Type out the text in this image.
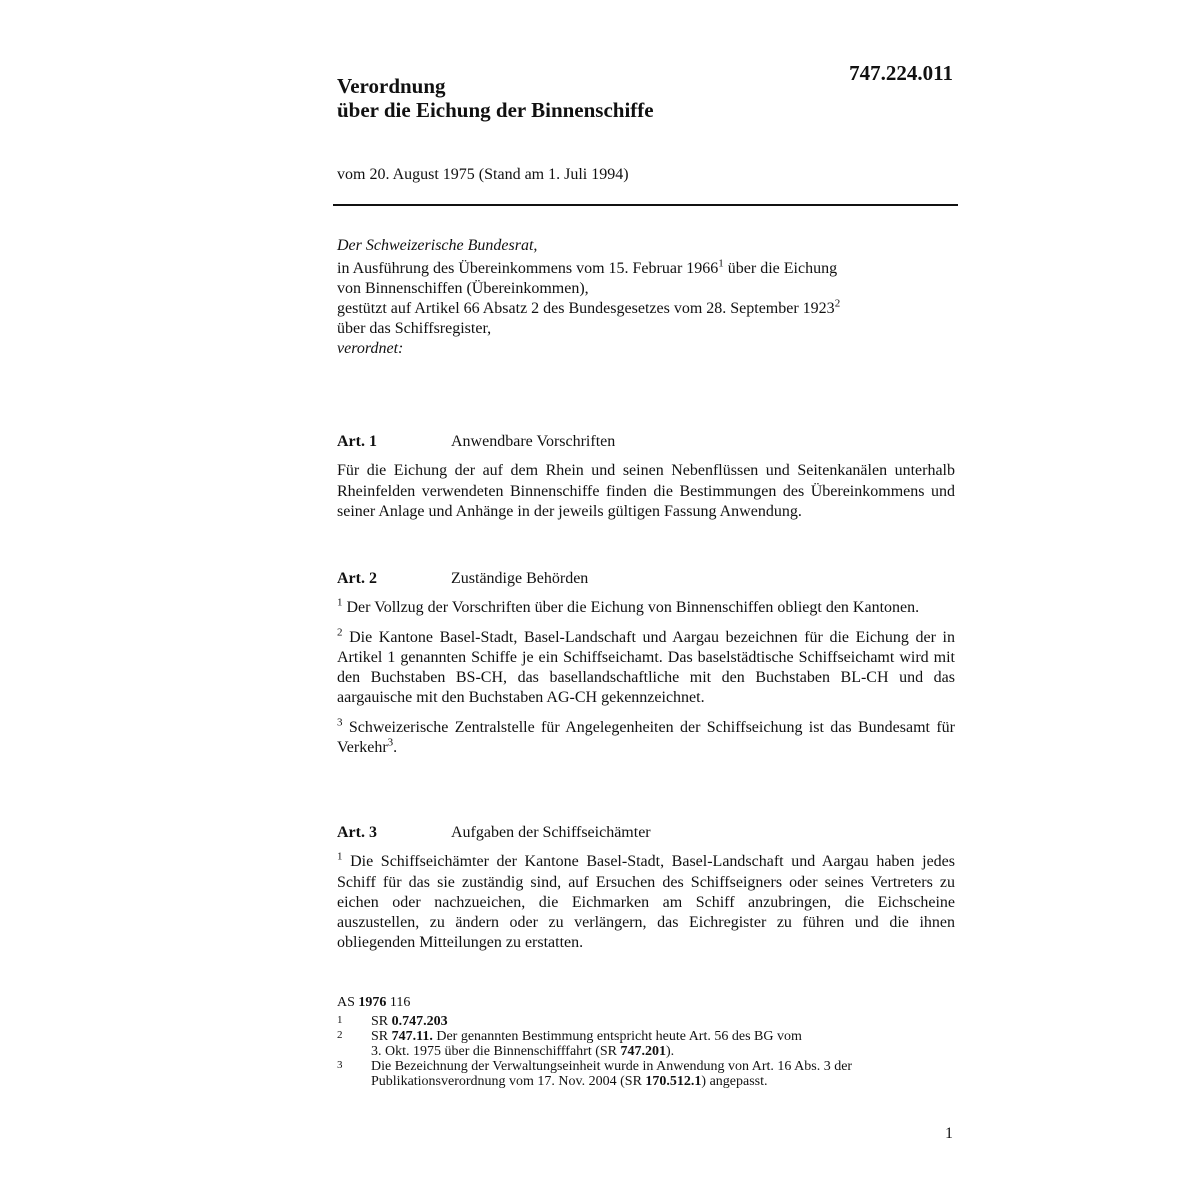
747.224.011
Verordnung
über die Eichung der Binnenschiffe
vom 20. August 1975 (Stand am 1. Juli 1994)
Der Schweizerische Bundesrat,
in Ausführung des Übereinkommens vom 15. Februar 1966$^1$ über die Eichung
von Binnenschiffen (Übereinkommen),
gestützt auf Artikel 66 Absatz 2 des Bundesgesetzes vom 28. September 1923$^2$
über das Schiffsregister,
verordnet:
Art. 1	Anwendbare Vorschriften

Für die Eichung der auf dem Rhein und seinen Nebenflüssen und Seitenkanälen unterhalb Rheinfelden verwendeten Binnenschiffe finden die Bestimmungen des Übereinkommens und seiner Anlage und Anhänge in der jeweils gültigen Fassung Anwendung.

Art. 2	Zuständige Behörden

$^1$ Der Vollzug der Vorschriften über die Eichung von Binnenschiffen obliegt den Kantonen.

$^2$ Die Kantone Basel-Stadt, Basel-Landschaft und Aargau bezeichnen für die Eichung der in Artikel 1 genannten Schiffe je ein Schiffseichamt. Das baselstädtische Schiffseichamt wird mit den Buchstaben BS-CH, das basellandschaftliche mit den Buchstaben BL-CH und das aargauische mit den Buchstaben AG-CH gekennzeichnet.

$^3$ Schweizerische Zentralstelle für Angelegenheiten der Schiffseichung ist das Bundesamt für Verkehr$^3$.

Art. 3	Aufgaben der Schiffseichämter

$^1$ Die Schiffseichämter der Kantone Basel-Stadt, Basel-Landschaft und Aargau haben jedes Schiff für das sie zuständig sind, auf Ersuchen des Schiffseigners oder seines Vertreters zu eichen oder nachzueichen, die Eichmarken am Schiff anzubringen, die Eichscheine auszustellen, zu ändern oder zu verlängern, das Eichregister zu führen und die ihnen obliegenden Mitteilungen zu erstatten.

AS 1976 116
1	SR 0.747.203
2	SR 747.11. Der genannten Bestimmung entspricht heute Art. 56 des BG vom
3. Okt. 1975 über die Binnenschifffahrt (SR 747.201).
3	Die Bezeichnung der Verwaltungseinheit wurde in Anwendung von Art. 16 Abs. 3 der
Publikationsverordnung vom 17. Nov. 2004 (SR 170.512.1) angepasst.
1
